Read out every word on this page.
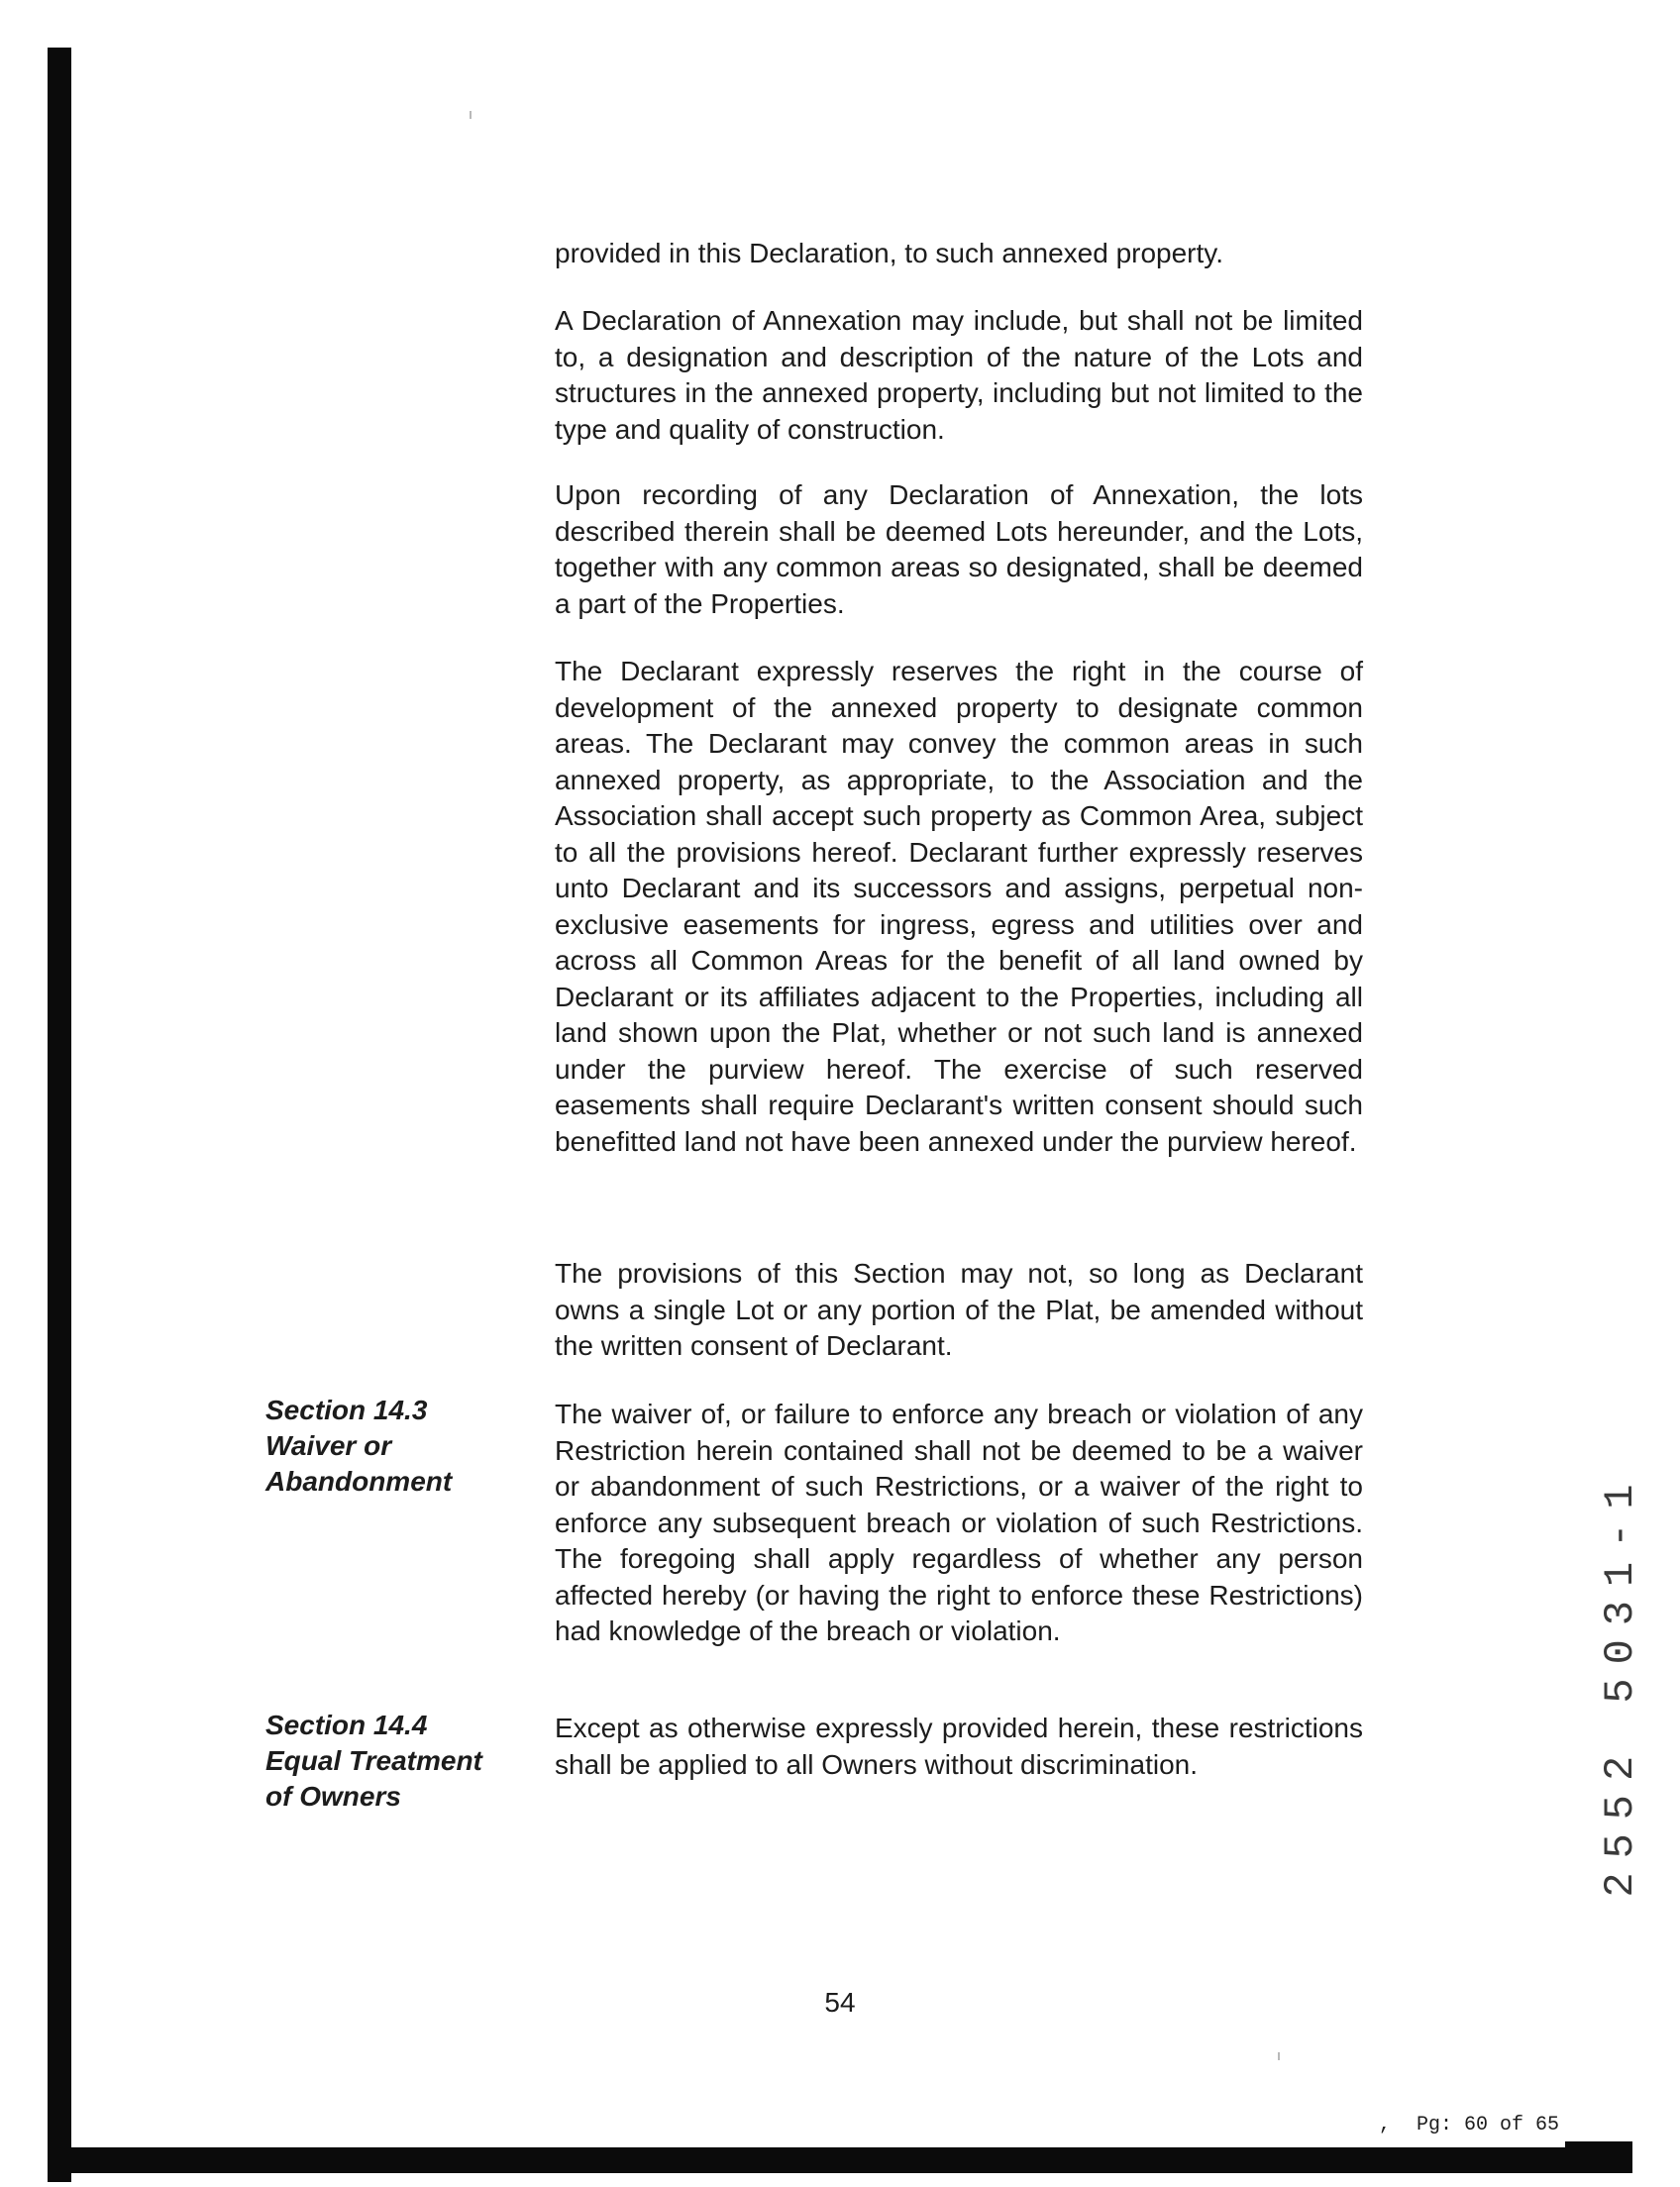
provided in this Declaration, to such annexed property.

A Declaration of Annexation may include, but shall not be limited to, a designation and description of the nature of the Lots and structures in the annexed property, including but not limited to the type and quality of construction.

Upon recording of any Declaration of Annexation, the lots described therein shall be deemed Lots hereunder, and the Lots, together with any common areas so designated, shall be deemed a part of the Properties.

The Declarant expressly reserves the right in the course of development of the annexed property to designate common areas. The Declarant may convey the common areas in such annexed property, as appropriate, to the Association and the Association shall accept such property as Common Area, subject to all the provisions hereof. Declarant further expressly reserves unto Declarant and its successors and assigns, perpetual non-exclusive easements for ingress, egress and utilities over and across all Common Areas for the benefit of all land owned by Declarant or its affiliates adjacent to the Properties, including all land shown upon the Plat, whether or not such land is annexed under the purview hereof. The exercise of such reserved easements shall require Declarant's written consent should such benefitted land not have been annexed under the purview hereof.

The provisions of this Section may not, so long as Declarant owns a single Lot or any portion of the Plat, be amended without the written consent of Declarant.

Section 14.3
Waiver or
Abandonment

The waiver of, or failure to enforce any breach or violation of any Restriction herein contained shall not be deemed to be a waiver or abandonment of such Restrictions, or a waiver of the right to enforce any subsequent breach or violation of such Restrictions. The foregoing shall apply regardless of whether any person affected hereby (or having the right to enforce these Restrictions) had knowledge of the breach or violation.

Section 14.4
Equal Treatment
of Owners

Except as otherwise expressly provided herein, these restrictions shall be applied to all Owners without discrimination.

54
2552 5031-1
, Pg: 60 of 65
